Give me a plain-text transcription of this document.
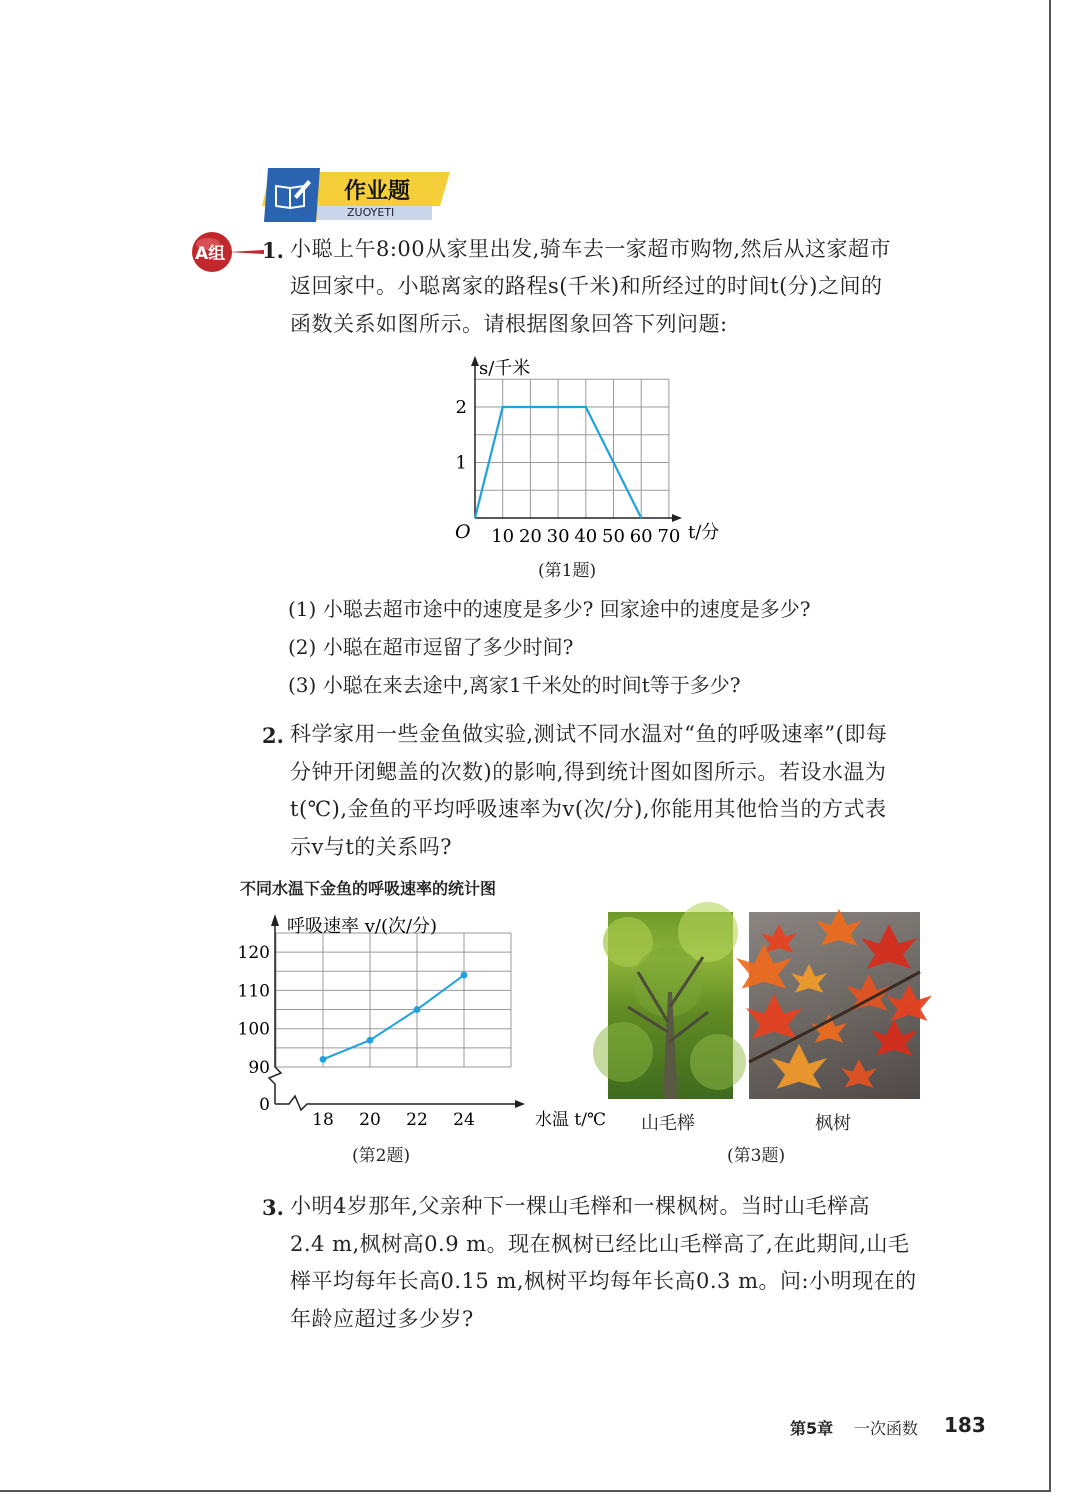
作业题
ZUOYETI
A组 1. 小聪上午8:00从家里出发,骑车去一家超市购物,然后从这家超市
返回家中。小聪离家的路程s(千米)和所经过的时间t(分)之间的
函数关系如图所示。请根据图象回答下列问题:
10 20 30 40 50 60 70
1
2
O
s/千米
t/分
(第1题)
(1) 小聪去超市途中的速度是多少? 回家途中的速度是多少?
(2) 小聪在超市逗留了多少时间?
(3) 小聪在来去途中,离家1千米处的时间t等于多少?
2. 科学家用一些金鱼做实验,测试不同水温对“鱼的呼吸速率”(即每
分钟开闭鳃盖的次数)的影响,得到统计图如图所示。若设水温为
t(℃),金鱼的平均呼吸速率为v(次/分),你能用其他恰当的方式表
示v与t的关系吗?
不同水温下金鱼的呼吸速率的统计图
18 20 22 24
0
90
100
110
120
呼吸速率 v/(次/分)
水温 t/℃
(第2题)
山毛榉	枫树
(第3题)
3. 小明4岁那年,父亲种下一棵山毛榉和一棵枫树。当时山毛榉高
2.4 m,枫树高0.9 m。现在枫树已经比山毛榉高了,在此期间,山毛
榉平均每年长高0.15 m,枫树平均每年长高0.3 m。问:小明现在的
年龄应超过多少岁?
第5章 一次函数 183
